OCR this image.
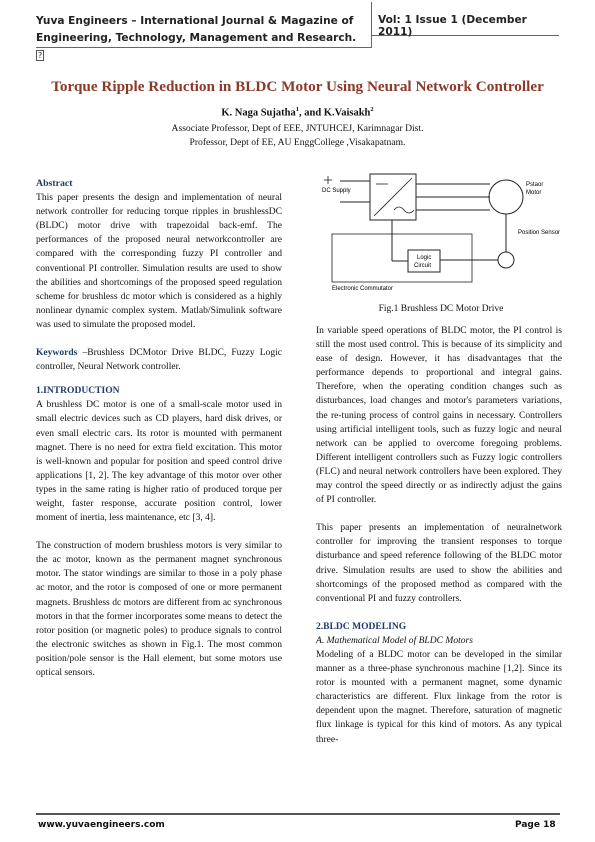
Yuva Engineers – International Journal & Magazine of
Engineering, Technology, Management and Research. ?
Vol: 1 Issue 1 (December 2011)
Torque Ripple Reduction in BLDC Motor Using Neural Network Controller
K. Naga Sujatha$^1$, and K.Vaisakh$^2$
Associate Professor, Dept of EEE, JNTUHCEJ, Karimnagar Dist.
Professor, Dept of EE, AU EnggCollege ,Visakapatnam.

Abstract

This paper presents the design and implementation of neural network controller for reducing torque ripples in brushlessDC (BLDC) motor drive with trapezoidal back-emf. The performances of the proposed neural networkcontroller are compared with the corresponding fuzzy PI controller and conventional PI controller. Simulation results are used to show the abilities and shortcomings of the proposed speed regulation scheme for brushless dc motor which is considered as a highly nonlinear dynamic complex system. Matlab/Simulink software was used to simulate the proposed model.

Keywords –Brushless DCMotor Drive BLDC, Fuzzy Logic controller, Neural Network controller.

1.INTRODUCTION

A brushless DC motor is one of a small-scale motor used in small electric devices such as CD players, hard disk drives, or even small electric cars. Its rotor is mounted with permanent magnet. There is no need for extra field excitation. This motor is well-known and popular for position and speed control drive applications [1, 2]. The key advantage of this motor over other types in the same rating is higher ratio of produced torque per weight, faster response, accurate position control, lower moment of inertia, less maintenance, etc [3, 4].

The construction of modern brushless motors is very similar to the ac motor, known as the permanent magnet synchronous motor. The stator windings are similar to those in a poly phase ac motor, and the rotor is composed of one or more permanent magnets. Brushless dc motors are different from ac synchronous motors in that the former incorporates some means to detect the rotor position (or magnetic poles) to produce signals to control the electronic switches as shown in Fig.1. The most common position/pole sensor is the Hall element, but some motors use optical sensors.

DC Supply
Pstaor
Motor
Position Sensor
Logic
Circuit
Electronic Commutator
Fig.1 Brushless DC Motor Drive

In variable speed operations of BLDC motor, the PI control is still the most used control. This is because of its simplicity and ease of design. However, it has disadvantages that the performance depends to proportional and integral gains. Therefore, when the operating condition changes such as disturbances, load changes and motor's parameters variations, the re-tuning process of control gains in necessary. Controllers using artificial intelligent tools, such as fuzzy logic and neural network can be applied to overcome foregoing problems. Different intelligent controllers such as Fuzzy logic controllers (FLC) and neural network controllers have been explored. They may control the speed directly or as indirectly adjust the gains of PI controller.

This paper presents an implementation of neuralnetwork controller for improving the transient responses to torque disturbance and speed reference following of the BLDC motor drive. Simulation results are used to show the abilities and shortcomings of the proposed method as compared with the conventional PI and fuzzy controllers.

2.BLDC MODELING

A. Mathematical Model of BLDC Motors

Modeling of a BLDC motor can be developed in the similar manner as a three-phase synchronous machine [1,2]. Since its rotor is mounted with a permanent magnet, some dynamic characteristics are different. Flux linkage from the rotor is dependent upon the magnet. Therefore, saturation of magnetic flux linkage is typical for this kind of motors. As any typical three-

www.yuvaengineers.com	Page 18
